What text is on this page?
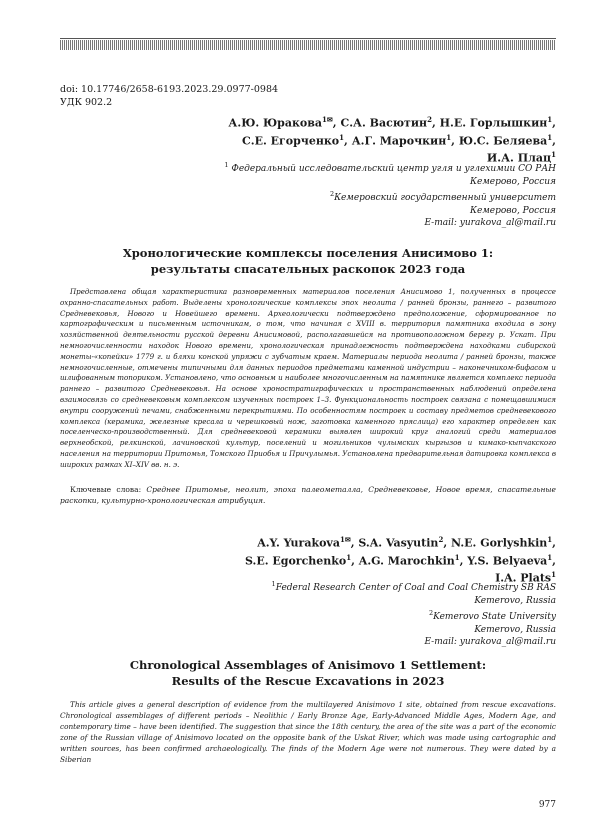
doi: 10.17746/2658-6193.2023.29.0977-0984
УДК 902.2
А.Ю. Юракова$^{1✉}$, С.А. Васютин$^2$, Н.Е. Горлышкин$^1$,
С.Е. Егорченко$^1$, А.Г. Марочкин$^1$, Ю.С. Беляева$^1$,
И.А. Плац$^1$
$^1$ Федеральный исследовательский центр угля и углехимии СО РАН
Кемерово, Россия
$^2$Кемеровский государственный университет
Кемерово, Россия
E-mail: yurakova_al@mail.ru
Хронологические комплексы поселения Анисимово 1:
результаты спасательных раскопок 2023 года
Представлена общая характеристика разновременных материалов поселения Анисимово 1, полученных в процессе охранно-спасательных работ. Выделены хронологические комплексы эпох неолита / ранней бронзы, раннего – развитого Средневековья, Нового и Новейшего времени. Археологически подтверждено предположение, сформированное по картографическим и письменным источникам, о том, что начиная с XVIII в. территория памятника входила в зону хозяйственной деятельности русской деревни Анисимовой, располагавшейся на противоположном берегу р. Ускат. При немногочисленности находок Нового времени, хронологическая принадлежность подтверждена находками сибирской монеты-«копейки» 1779 г. и бляхи конской упряжи с зубчатым краем. Материалы периода неолита / ранней бронзы, также немногочисленные, отмечены типичными для данных периодов предметами каменной индустрии – наконечником-бифасом и шлифованным топориком. Установлено, что основным и наиболее многочисленным на памятнике является комплекс периода раннего – развитого Средневековья. На основе хроностратиграфических и пространственных наблюдений определена взаимосвязь со средневековым комплексом изученных построек 1–3. Функциональность построек связана с помещавшимися внутри сооружений печами, снабженными перекрытиями. По особенностям построек и составу предметов средневекового комплекса (керамика, железные кресала и черешковый нож, заготовка каменного пряслица) его характер определен как поселенческо-производственный. Для средневековой керамики выявлен широкий круг аналогий среди материалов верхнеобской, релкинской, лачиновской культур, поселений и могильников чулымских кыргызов и кимако-кыпчакского населения на территории Притомья, Томского Приобья и Причулымья. Установлена предварительная датировка комплекса в широких рамках XI–XIV вв. н. э.
Ключевые слова: Среднее Притомье, неолит, эпоха палеометалла, Средневековье, Новое время, спасательные раскопки, культурно-хронологическая атрибуция.
A.Y. Yurakova$^{1✉}$, S.A. Vasyutin$^2$, N.E. Gorlyshkin$^1$,
S.E. Egorchenko$^1$, A.G. Marochkin$^1$, Y.S. Belyaeva$^1$,
I.A. Plats$^1$
$^1$Federal Research Center of Coal and Coal Chemistry SB RAS
Kemerovo, Russia
$^2$Kemerovo State University
Kemerovo, Russia
E-mail: yurakova_al@mail.ru
Chronological Assemblages of Anisimovo 1 Settlement:
Results of the Rescue Excavations in 2023
This article gives a general description of evidence from the multilayered Anisimovo 1 site, obtained from rescue excavations. Chronological assemblages of different periods – Neolithic / Early Bronze Age, Early-Advanced Middle Ages, Modern Age, and contemporary time – have been identified. The suggestion that since the 18th century, the area of the site was a part of the economic zone of the Russian village of Anisimovo located on the opposite bank of the Uskat River, which was made using cartographic and written sources, has been confirmed archaeologically. The finds of the Modern Age were not numerous. They were dated by a Siberian
977
